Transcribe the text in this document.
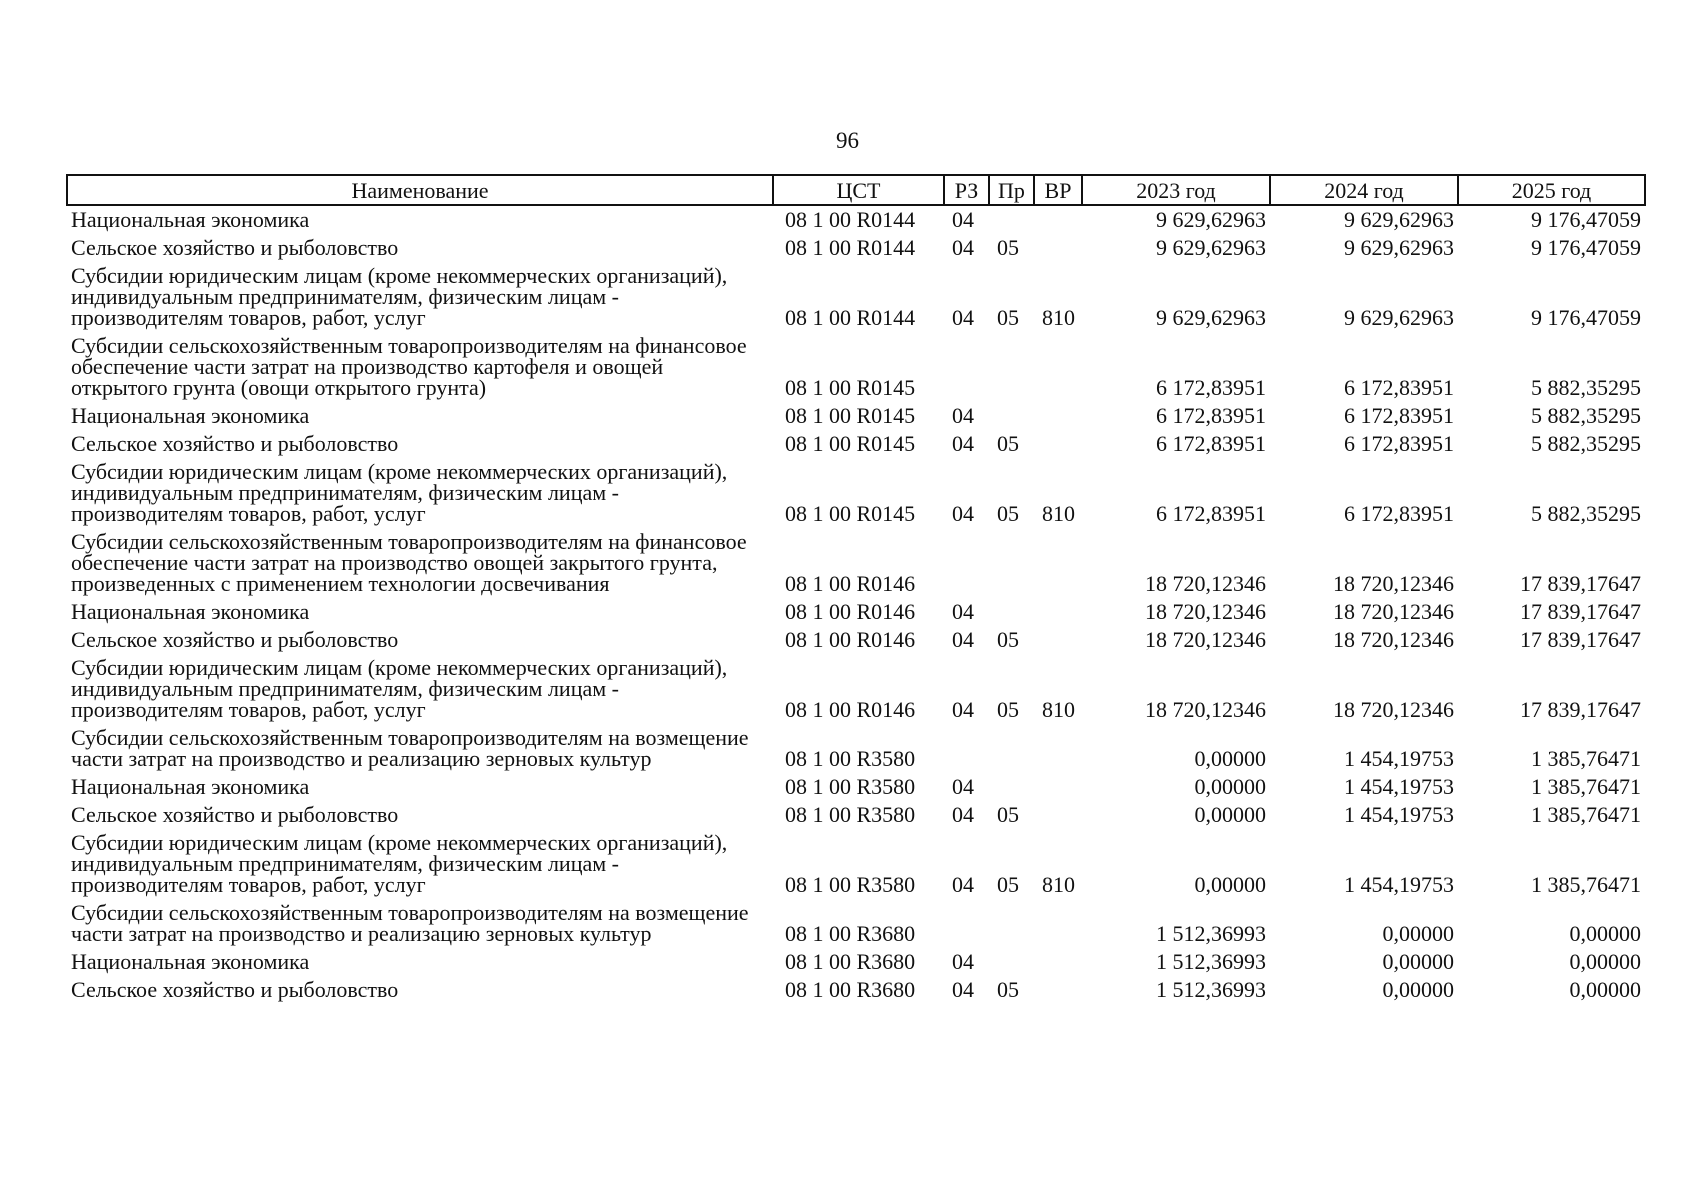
96
Наименование	ЦСТ	РЗ	Пр	ВР	2023 год	2024 год	2025 год
Национальная экономика	08 1 00 R0144	04			9 629,62963	9 629,62963	9 176,47059
Сельское хозяйство и рыболовство	08 1 00 R0144	04	05		9 629,62963	9 629,62963	9 176,47059
Субсидии юридическим лицам (кроме некоммерческих организаций), индивидуальным предпринимателям, физическим лицам - производителям товаров, работ, услуг	08 1 00 R0144	04	05	810	9 629,62963	9 629,62963	9 176,47059
Субсидии сельскохозяйственным товаропроизводителям на финансовое обеспечение части затрат на производство картофеля и овощей открытого грунта (овощи открытого грунта)	08 1 00 R0145				6 172,83951	6 172,83951	5 882,35295
Национальная экономика	08 1 00 R0145	04			6 172,83951	6 172,83951	5 882,35295
Сельское хозяйство и рыболовство	08 1 00 R0145	04	05		6 172,83951	6 172,83951	5 882,35295
Субсидии юридическим лицам (кроме некоммерческих организаций), индивидуальным предпринимателям, физическим лицам - производителям товаров, работ, услуг	08 1 00 R0145	04	05	810	6 172,83951	6 172,83951	5 882,35295
Субсидии сельскохозяйственным товаропроизводителям на финансовое обеспечение части затрат на производство овощей закрытого грунта, произведенных с применением технологии досвечивания	08 1 00 R0146				18 720,12346	18 720,12346	17 839,17647
Национальная экономика	08 1 00 R0146	04			18 720,12346	18 720,12346	17 839,17647
Сельское хозяйство и рыболовство	08 1 00 R0146	04	05		18 720,12346	18 720,12346	17 839,17647
Субсидии юридическим лицам (кроме некоммерческих организаций), индивидуальным предпринимателям, физическим лицам - производителям товаров, работ, услуг	08 1 00 R0146	04	05	810	18 720,12346	18 720,12346	17 839,17647
Субсидии сельскохозяйственным товаропроизводителям на возмещение части затрат на производство и реализацию зерновых культур	08 1 00 R3580				0,00000	1 454,19753	1 385,76471
Национальная экономика	08 1 00 R3580	04			0,00000	1 454,19753	1 385,76471
Сельское хозяйство и рыболовство	08 1 00 R3580	04	05		0,00000	1 454,19753	1 385,76471
Субсидии юридическим лицам (кроме некоммерческих организаций), индивидуальным предпринимателям, физическим лицам - производителям товаров, работ, услуг	08 1 00 R3580	04	05	810	0,00000	1 454,19753	1 385,76471
Субсидии сельскохозяйственным товаропроизводителям на возмещение части затрат на производство и реализацию зерновых культур	08 1 00 R3680				1 512,36993	0,00000	0,00000
Национальная экономика	08 1 00 R3680	04			1 512,36993	0,00000	0,00000
Сельское хозяйство и рыболовство	08 1 00 R3680	04	05		1 512,36993	0,00000	0,00000
